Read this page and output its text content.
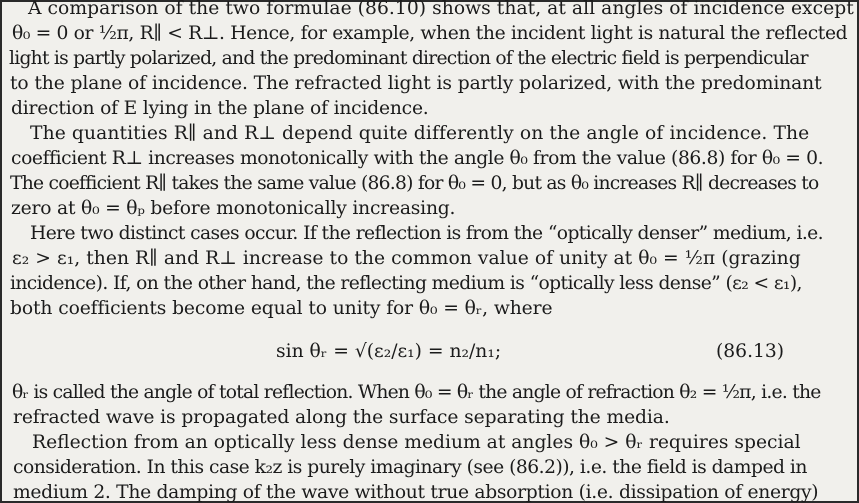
A comparison of the two formulae (86.10) shows that, at all angles of incidence except
θ₀ = 0 or ½π, R∥ < R⊥. Hence, for example, when the incident light is natural the reflected
light is partly polarized, and the predominant direction of the electric field is perpendicular
to the plane of incidence. The refracted light is partly polarized, with the predominant
direction of E lying in the plane of incidence.
The quantities R∥ and R⊥ depend quite differently on the angle of incidence. The
coefficient R⊥ increases monotonically with the angle θ₀ from the value (86.8) for θ₀ = 0.
The coefficient R∥ takes the same value (86.8) for θ₀ = 0, but as θ₀ increases R∥ decreases to
zero at θ₀ = θₚ before monotonically increasing.
Here two distinct cases occur. If the reflection is from the “optically denser” medium, i.e.
ε₂ > ε₁, then R∥ and R⊥ increase to the common value of unity at θ₀ = ½π (grazing
incidence). If, on the other hand, the reflecting medium is “optically less dense” (ε₂ < ε₁),
both coefficients become equal to unity for θ₀ = θᵣ, where
sin θᵣ = √(ε₂/ε₁) = n₂/n₁;	(86.13)
θᵣ is called the angle of total reflection. When θ₀ = θᵣ the angle of refraction θ₂ = ½π, i.e. the
refracted wave is propagated along the surface separating the media.
Reflection from an optically less dense medium at angles θ₀ > θᵣ requires special
consideration. In this case k₂z is purely imaginary (see (86.2)), i.e. the field is damped in
medium 2. The damping of the wave without true absorption (i.e. dissipation of energy)
